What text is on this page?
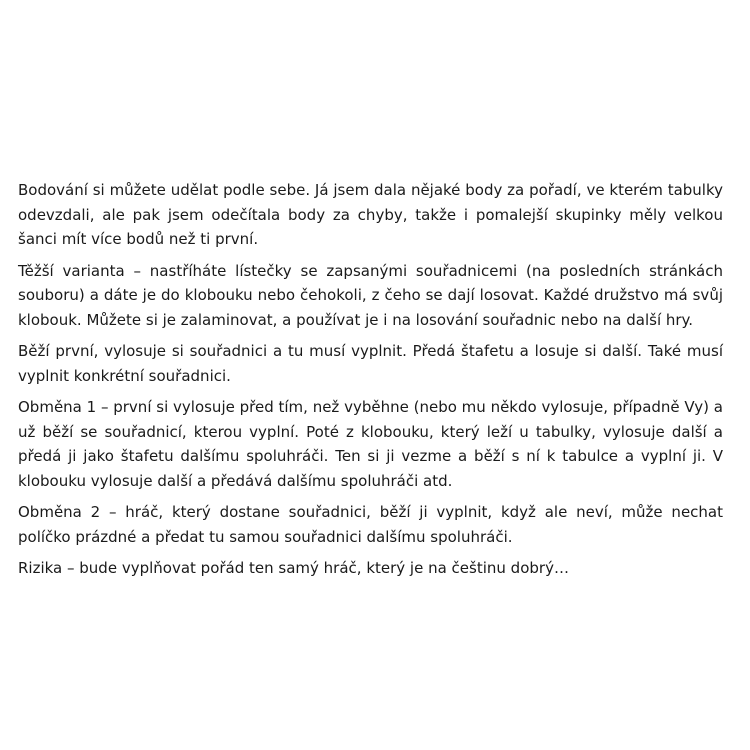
Bodování si můžete udělat podle sebe. Já jsem dala nějaké body za pořadí, ve kterém tabulky odevzdali, ale pak jsem odečítala body za chyby, takže i pomalejší skupinky měly velkou šanci mít více bodů než ti první.

Těžší varianta – nastříháte lístečky se zapsanými souřadnicemi (na posledních stránkách souboru) a dáte je do klobouku nebo čehokoli, z čeho se dají losovat. Každé družstvo má svůj klobouk. Můžete si je zalaminovat, a používat je i na losování souřadnic nebo na další hry.

Běží první, vylosuje si souřadnici a tu musí vyplnit. Předá štafetu a losuje si další. Také musí vyplnit konkrétní souřadnici.

Obměna 1 – první si vylosuje před tím, než vyběhne (nebo mu někdo vylosuje, případně Vy) a už běží se souřadnicí, kterou vyplní. Poté z klobouku, který leží u tabulky, vylosuje další a předá ji jako štafetu dalšímu spoluhráči. Ten si ji vezme a běží s ní k tabulce a vyplní ji. V klobouku vylosuje další a předává dalšímu spoluhráči atd.

Obměna 2 – hráč, který dostane souřadnici, běží ji vyplnit, když ale neví, může nechat políčko prázdné a předat tu samou souřadnici dalšímu spoluhráči.

Rizika – bude vyplňovat pořád ten samý hráč, který je na češtinu dobrý…
